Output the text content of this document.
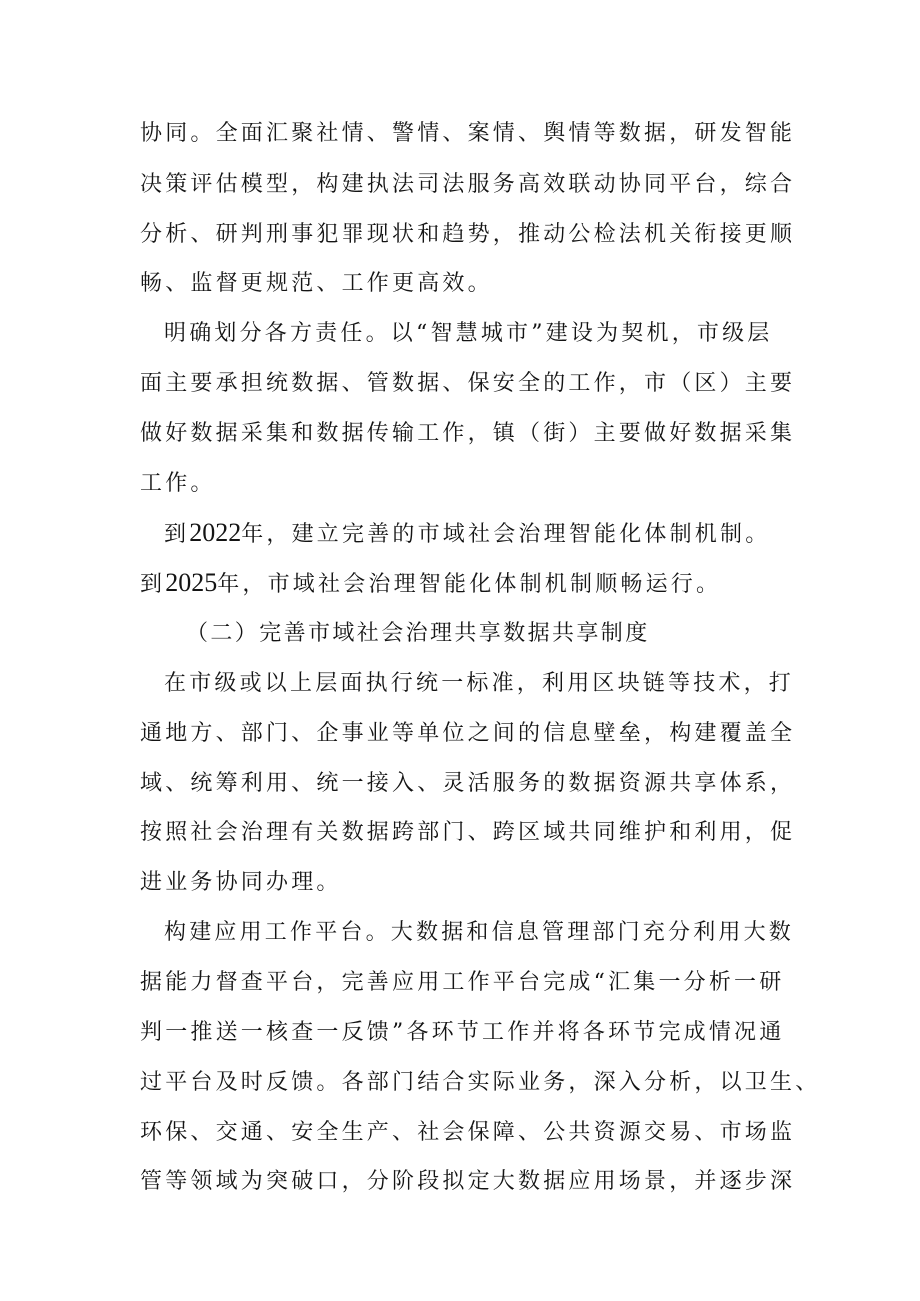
协同。全面汇聚社情、警情、案情、舆情等数据，研发智能

决策评估模型，构建执法司法服务高效联动协同平台，综合

分析、研判刑事犯罪现状和趋势，推动公检法机关衔接更顺

畅、监督更规范、工作更高效。

明确划分各方责任。以“智慧城市”建设为契机，市级层

面主要承担统数据、管数据、保安全的工作，市（区）主要

做好数据采集和数据传输工作，镇（街）主要做好数据采集

工作。

到2022年，建立完善的市域社会治理智能化体制机制。

到2025年，市域社会治理智能化体制机制顺畅运行。

（二）完善市域社会治理共享数据共享制度

在市级或以上层面执行统一标准，利用区块链等技术，打

通地方、部门、企事业等单位之间的信息壁垒，构建覆盖全

域、统筹利用、统一接入、灵活服务的数据资源共享体系，

按照社会治理有关数据跨部门、跨区域共同维护和利用，促

进业务协同办理。

构建应用工作平台。大数据和信息管理部门充分利用大数

据能力督查平台，完善应用工作平台完成“汇集一分析一研

判一推送一核查一反馈”各环节工作并将各环节完成情况通

过平台及时反馈。各部门结合实际业务，深入分析，以卫生、

环保、交通、安全生产、社会保障、公共资源交易、市场监

管等领域为突破口，分阶段拟定大数据应用场景，并逐步深
